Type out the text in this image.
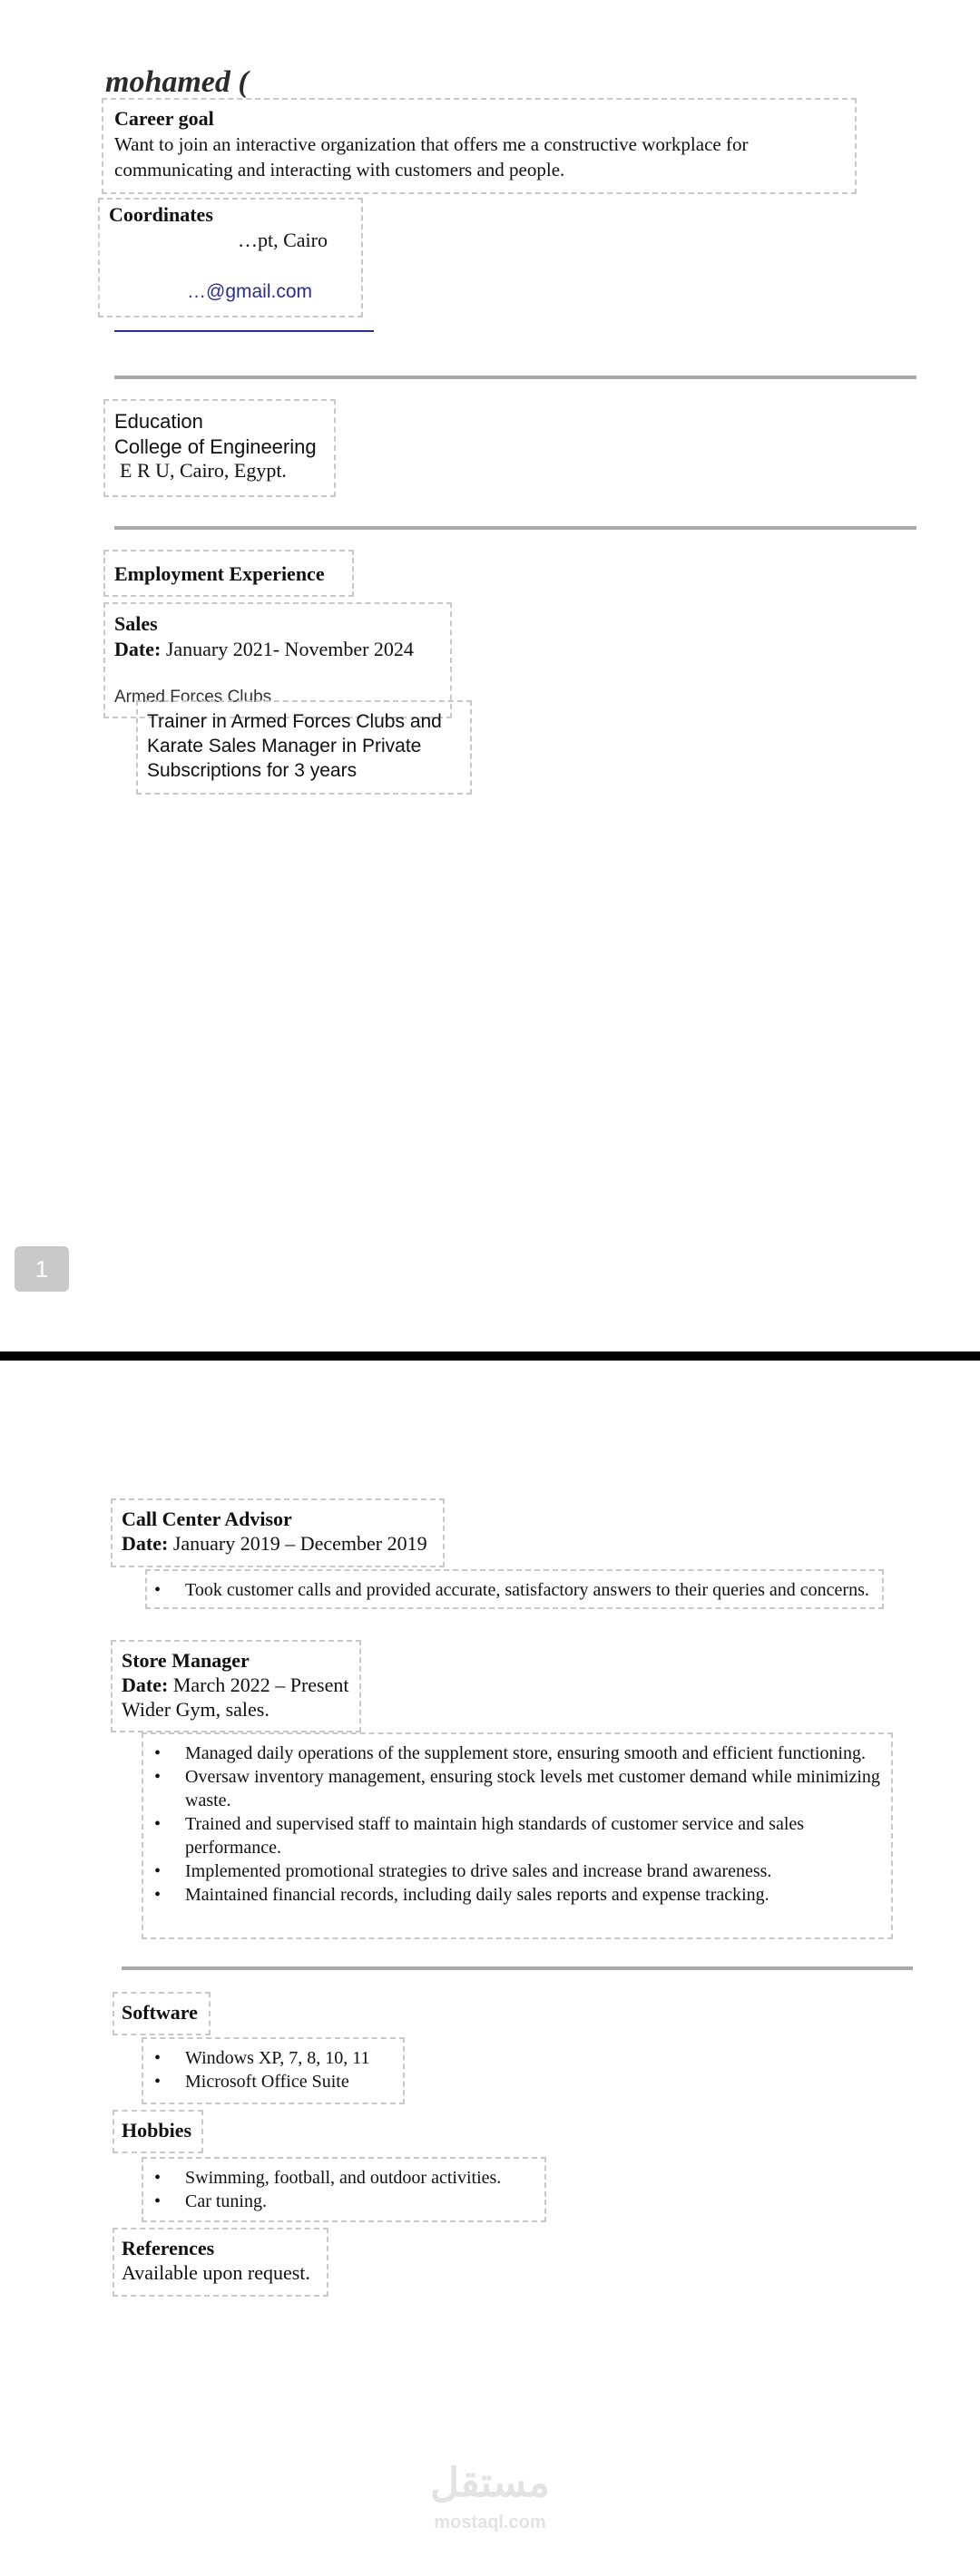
mohamed (
Career goal
Want to join an interactive organization that offers me a constructive workplace for
communicating and interacting with customers and people.
Coordinates
…pt, Cairo
…@gmail.com
Education
College of Engineering
E R U, Cairo, Egypt.
Employment Experience
Sales
Date: January 2021- November 2024
Armed Forces Clubs
Trainer in Armed Forces Clubs and
Karate Sales Manager in Private
Subscriptions for 3 years
1
Call Center Advisor
Date: January 2019 – December 2019
• Took customer calls and provided accurate, satisfactory answers to their queries and concerns.
Store Manager
Date: March 2022 – Present
Wider Gym, sales.
• Managed daily operations of the supplement store, ensuring smooth and efficient functioning.
• Oversaw inventory management, ensuring stock levels met customer demand while minimizing waste.
• Trained and supervised staff to maintain high standards of customer service and sales performance.
• Implemented promotional strategies to drive sales and increase brand awareness.
• Maintained financial records, including daily sales reports and expense tracking.
Software
• Windows XP, 7, 8, 10, 11
• Microsoft Office Suite
Hobbies
• Swimming, football, and outdoor activities.
• Car tuning.
References
Available upon request.
مستقل
mostaql.com
